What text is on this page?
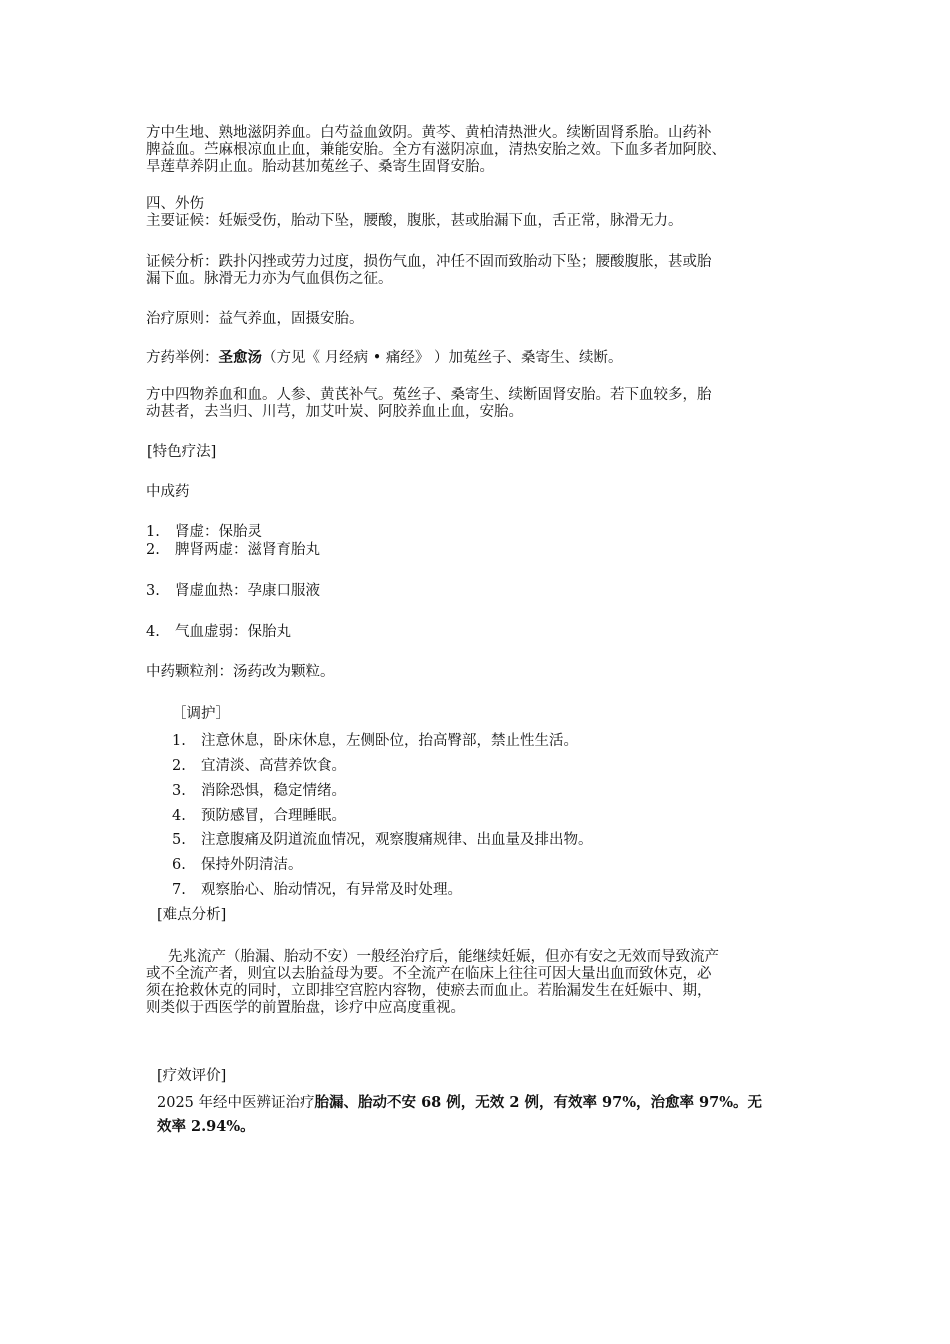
方中生地、熟地滋阴养血。白芍益血敛阴。黄芩、黄柏清热泄火。续断固肾系胎。山药补
脾益血。苎麻根凉血止血，兼能安胎。全方有滋阴凉血，清热安胎之效。下血多者加阿胶、
旱莲草养阴止血。胎动甚加菟丝子、桑寄生固肾安胎。
四、外伤
主要证候：妊娠受伤，胎动下坠，腰酸，腹胀，甚或胎漏下血，舌正常，脉滑无力。
证候分析：跌扑闪挫或劳力过度，损伤气血，冲任不固而致胎动下坠；腰酸腹胀，甚或胎
漏下血。脉滑无力亦为气血俱伤之征。
治疗原则：益气养血，固摄安胎。
方药举例：圣愈汤（方见《 月经病 • 痛经》 ）加菟丝子、桑寄生、续断。
方中四物养血和血。人参、黄芪补气。菟丝子、桑寄生、续断固肾安胎。若下血较多，胎
动甚者，去当归、川芎，加艾叶炭、阿胶养血止血，安胎。
[特色疗法]
中成药
1. 肾虚：保胎灵
2. 脾肾两虚：滋肾育胎丸
3. 肾虚血热：孕康口服液
4. 气血虚弱：保胎丸
中药颗粒剂：汤药改为颗粒。
［调护］
1. 注意休息，卧床休息，左侧卧位，抬高臀部，禁止性生活。
2. 宜清淡、高营养饮食。
3. 消除恐惧，稳定情绪。
4. 预防感冒，合理睡眠。
5. 注意腹痛及阴道流血情况，观察腹痛规律、出血量及排出物。
6. 保持外阴清洁。
7. 观察胎心、胎动情况，有异常及时处理。
[难点分析]
先兆流产（胎漏、胎动不安）一般经治疗后，能继续妊娠，但亦有安之无效而导致流产
或不全流产者，则宜以去胎益母为要。不全流产在临床上往往可因大量出血而致休克，必
须在抢救休克的同时，立即排空宫腔内容物，使瘀去而血止。若胎漏发生在妊娠中、期，
则类似于西医学的前置胎盘，诊疗中应高度重视。
[疗效评价]
2025 年经中医辨证治疗胎漏、胎动不安 68 例，无效 2 例，有效率 97%，治愈率 97%。无
效率 2.94%。
